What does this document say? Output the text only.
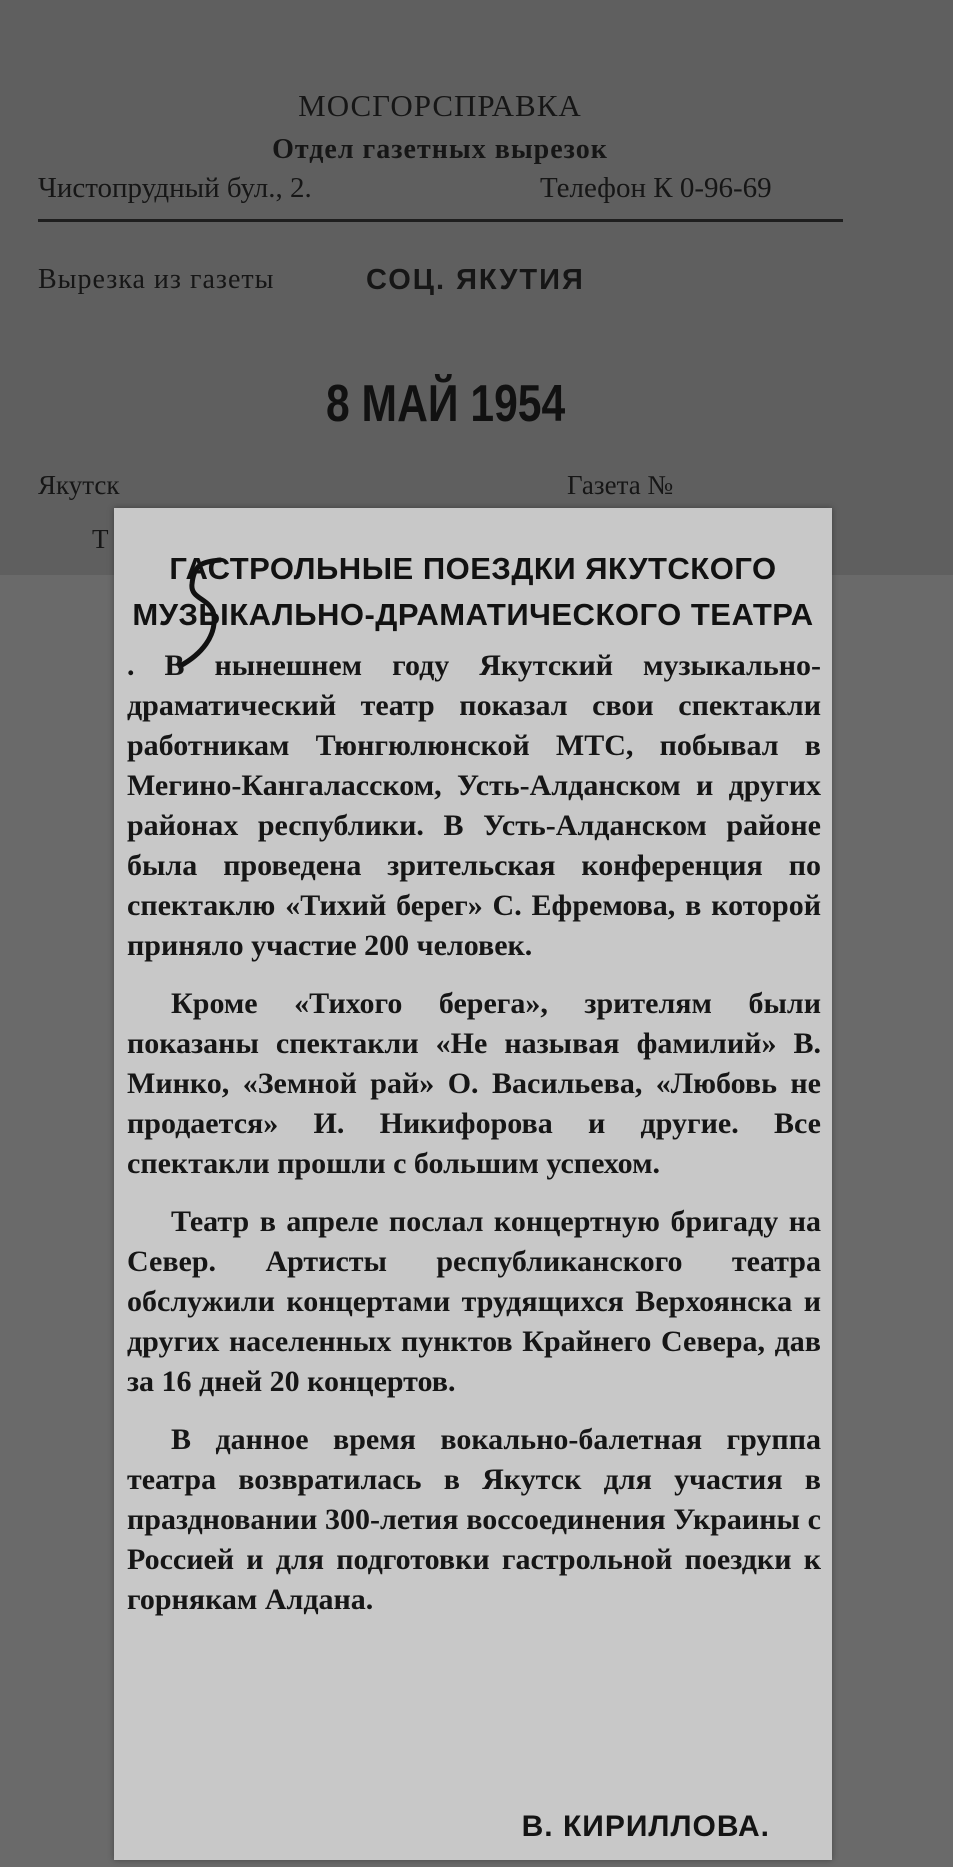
МОСГОРСПРАВКА
Отдел газетных вырезок
Чистопрудный бул., 2.	Телефон К 0-96-69
Вырезка из газеты	СОЦ. ЯКУТИЯ
8 МАЙ 1954
Якутск	Газета №
Т
ГАСТРОЛЬНЫЕ ПОЕЗДКИ ЯКУТСКОГО
МУЗЫКАЛЬНО-ДРАМАТИЧЕСКОГО ТЕАТРА

. В нынешнем году Якутский музыкально-драматический театр показал свои спектакли работникам Тюнгюлюнской МТС, побывал в Мегино-Кангаласском, Усть-Алданском и других районах республики. В Усть-Алданском районе была проведена зрительская конференция по спектаклю «Тихий берег» С. Ефремова, в которой приняло участие 200 человек.

Кроме «Тихого берега», зрителям были показаны спектакли «Не называя фамилий» В. Минко, «Земной рай» О. Васильева, «Любовь не продается» И. Никифорова и другие. Все спектакли прошли с большим успехом.

Театр в апреле послал концертную бригаду на Север. Артисты республиканского театра обслужили концертами трудящихся Верхоянска и других населенных пунктов Крайнего Севера, дав за 16 дней 20 концертов.

В данное время вокально-балетная группа театра возвратилась в Якутск для участия в праздновании 300-летия воссоединения Украины с Россией и для подготовки гастрольной поездки к горнякам Алдана.

В. КИРИЛЛОВА.
